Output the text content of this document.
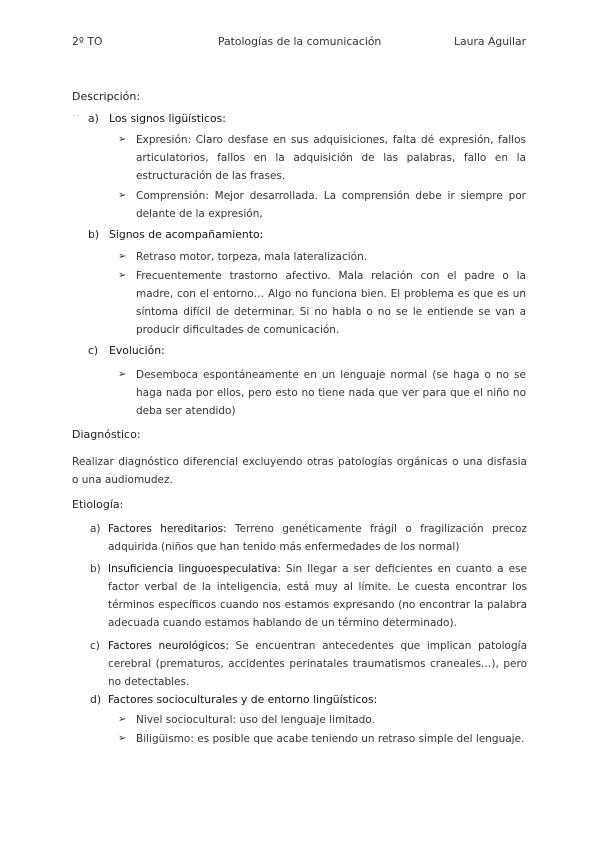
2º TO	Patologías de la comunicación	Laura Aguilar
Descripción:
.. a) Los signos ligüísticos:
➢ Expresión: Claro desfase en sus adquisiciones, falta dé expresión, fallos articulatorios, fallos en la adquisición de las palabras, fallo en la estructuración de las frases.
➢ Comprensión: Mejor desarrollada. La comprensión debe ir siempre por delante de la expresión,
b) Signos de acompañamiento:
➢ Retraso motor, torpeza, mala lateralización.
➢ Frecuentemente trastorno afectivo. Mala relación con el padre o la madre, con el entorno… Algo no funciona bien. El problema es que es un síntoma difícil de determinar. Si no habla o no se le entiende se van a producir dificultades de comunicación.
c) Evolución:
➢ Desemboca espontáneamente en un lenguaje normal (se haga o no se haga nada por ellos, pero esto no tiene nada que ver para que el niño no deba ser atendido)
Diagnóstico:
Realizar diagnóstico diferencial excluyendo otras patologías orgánicas o una disfasia o una audiomudez.
Etiología:
a) Factores hereditarios: Terreno genéticamente frágil o fragilización precoz adquirida (niños que han tenido más enfermedades de los normal)
b) Insuficiencia linguoespeculativa: Sin llegar a ser deficientes en cuanto a ese factor verbal de la inteligencia, está muy al límite. Le cuesta encontrar los términos específicos cuando nos estamos expresando (no encontrar la palabra adecuada cuando estamos hablando de un término determinado).
c) Factores neurológicos: Se encuentran antecedentes que implican patología cerebral (prematuros, accidentes perinatales traumatismos craneales…), pero no detectables.
d) Factores socioculturales y de entorno lingüísticos:
➢ Nivel sociocultural: uso del lenguaje limitado.
➢ Biligüismo: es posible que acabe teniendo un retraso simple del lenguaje.
